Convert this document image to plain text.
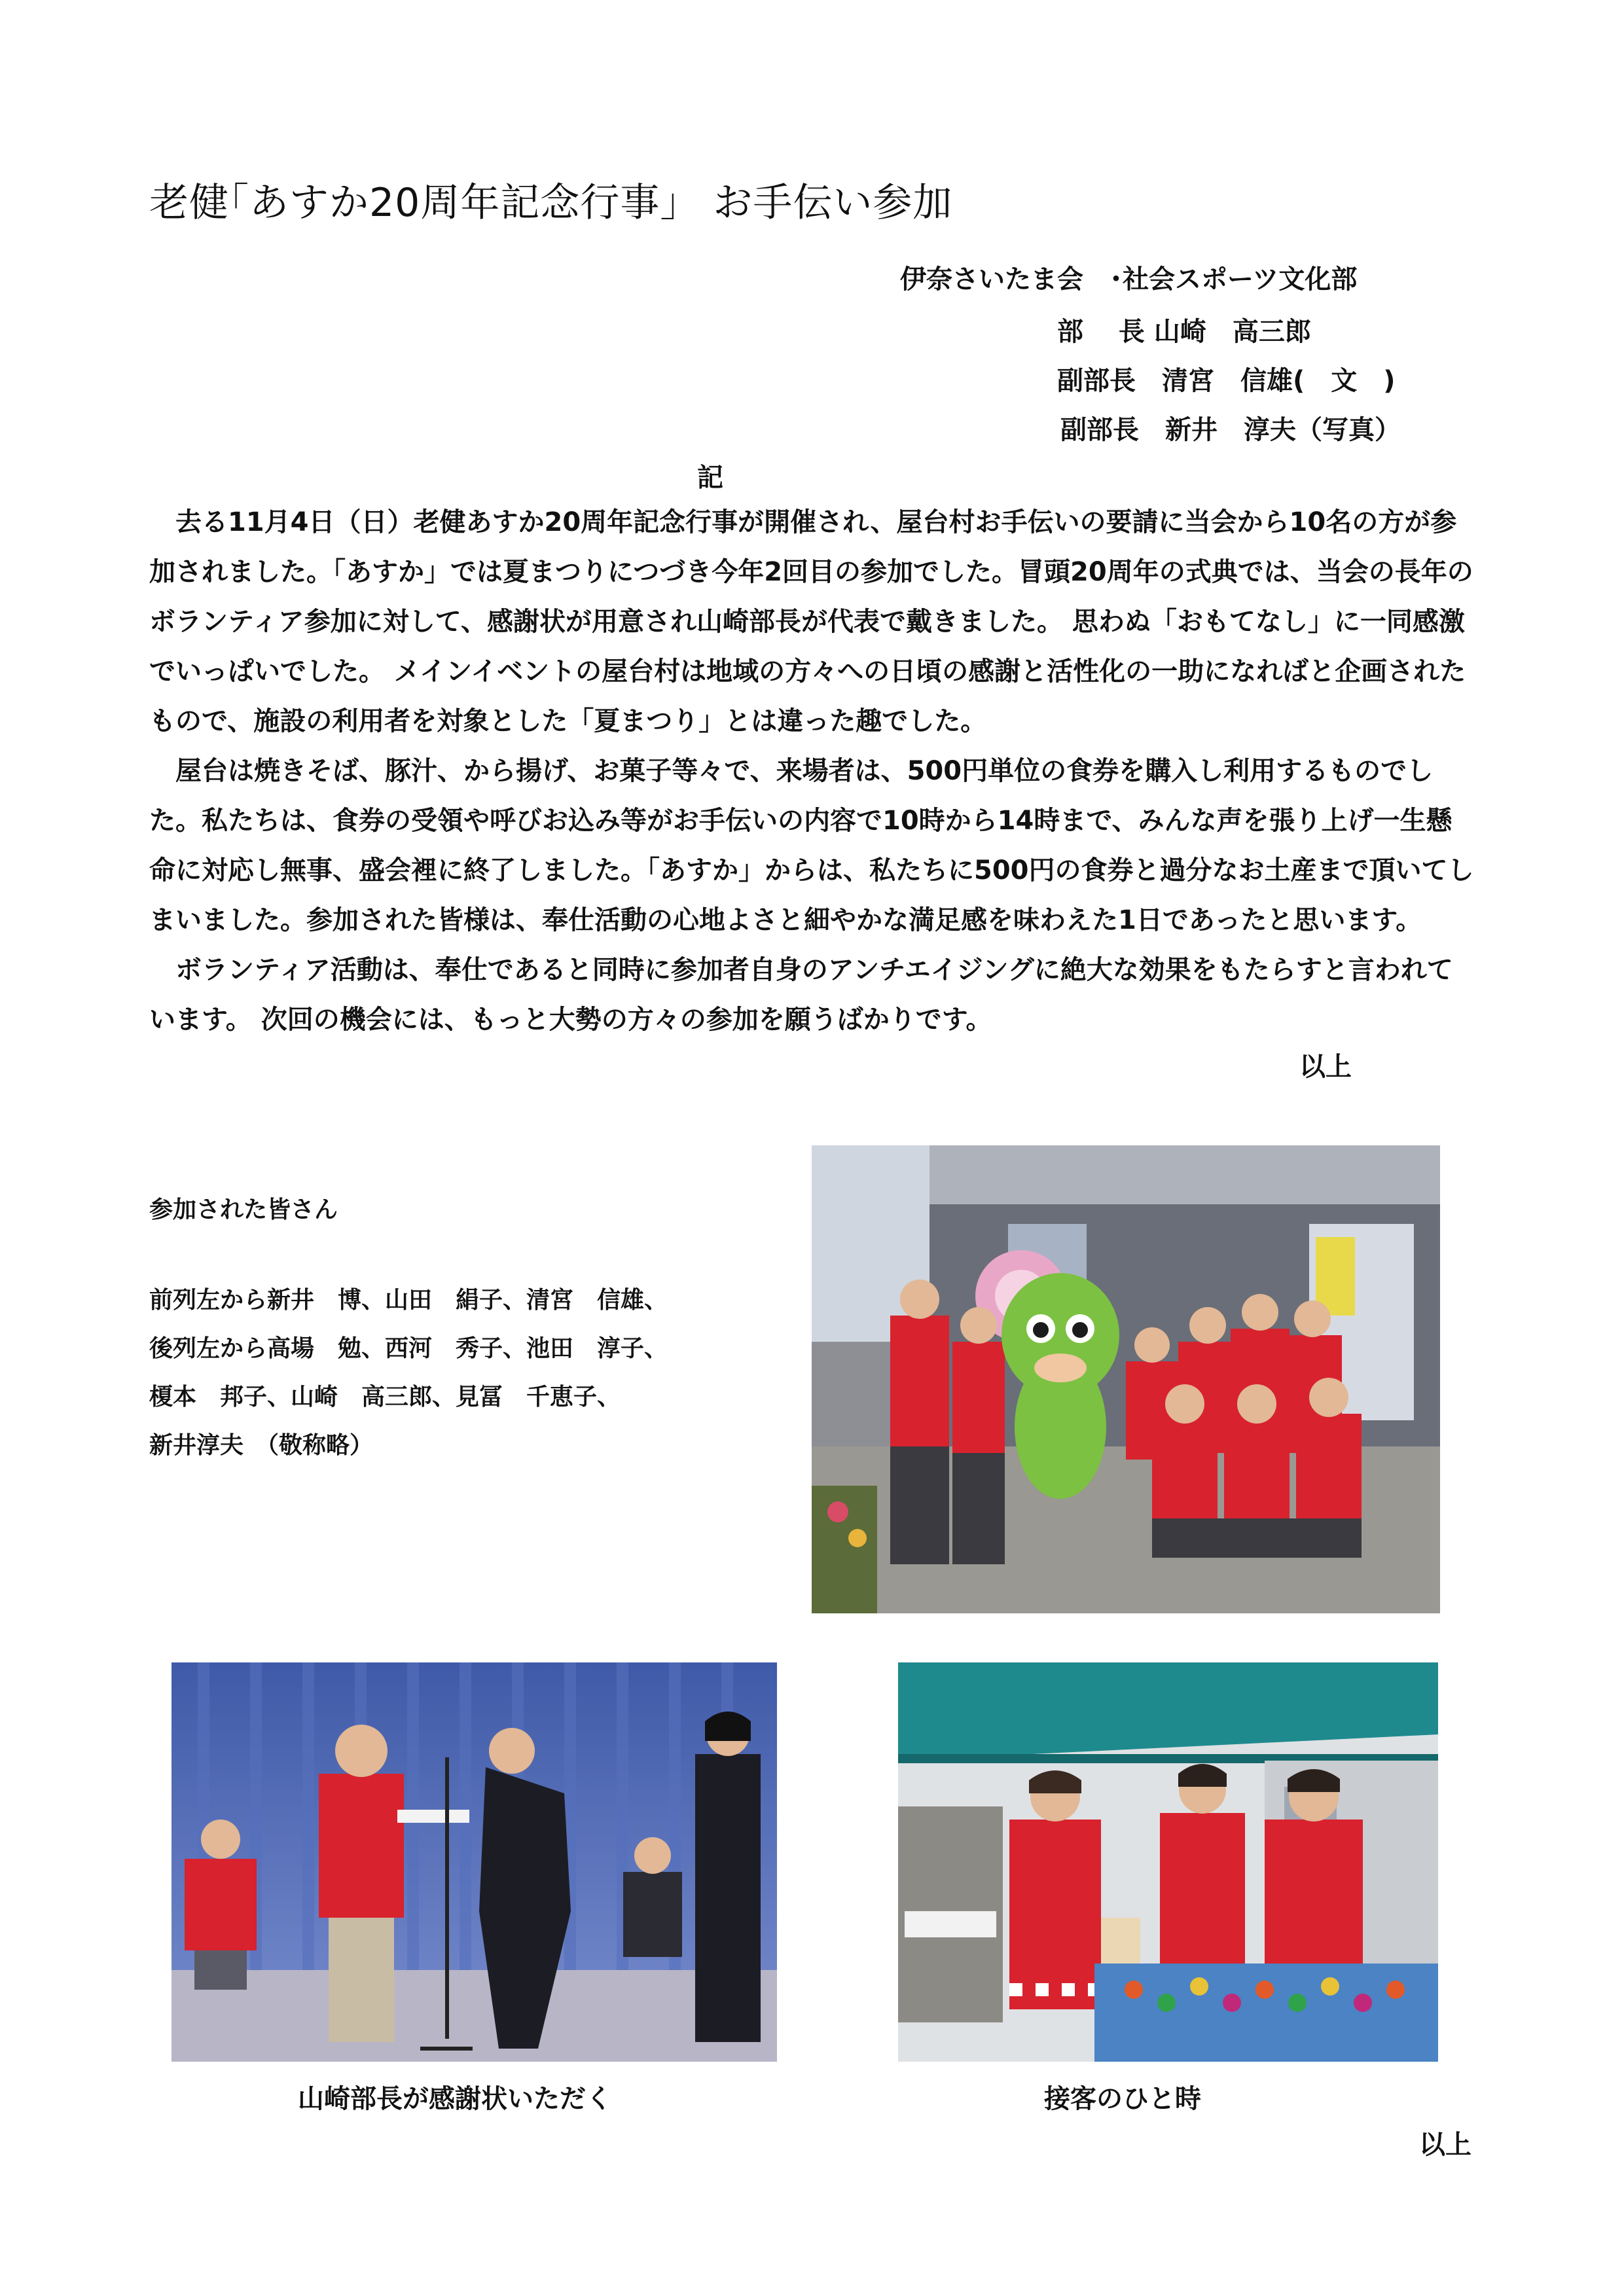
老健｢あすか20周年記念行事」 お手伝い参加
伊奈さいたま会　･社会スポーツ文化部
部　 長 山崎　高三郎
副部長　清宮　信雄(　文　)
副部長　新井　淳夫（写真）
記

去る11月4日（日）老健あすか20周年記念行事が開催され、屋台村お手伝いの要請に当会から10名の方が参加されました。「あすか」では夏まつりにつづき今年2回目の参加でした。冒頭20周年の式典では、当会の長年のボランティア参加に対して、感謝状が用意され山崎部長が代表で戴きました。 思わぬ「おもてなし」に一同感激でいっぱいでした。 メインイベントの屋台村は地域の方々への日頃の感謝と活性化の一助になればと企画されたもので、施設の利用者を対象とした「夏まつり」とは違った趣でした。

屋台は焼きそば、豚汁、から揚げ、お菓子等々で、来場者は、500円単位の食券を購入し利用するものでした。私たちは、食券の受領や呼びお込み等がお手伝いの内容で10時から14時まで、みんな声を張り上げ一生懸命に対応し無事、盛会裡に終了しました。「あすか」からは、私たちに500円の食券と過分なお土産まで頂いてしまいました。参加された皆様は、奉仕活動の心地よさと細やかな満足感を味わえた1日であったと思います。

ボランティア活動は、奉仕であると同時に参加者自身のアンチエイジングに絶大な効果をもたらすと言われています。 次回の機会には、もっと大勢の方々の参加を願うばかりです。

以上
参加された皆さん
前列左から新井　博、山田　絹子、清宮　信雄、
後列左から高場　勉、西河　秀子、池田　淳子、
榎本　邦子、山崎　高三郎、見冨　千恵子、
新井淳夫　（敬称略）
山崎部長が感謝状いただく	接客のひと時
以上
